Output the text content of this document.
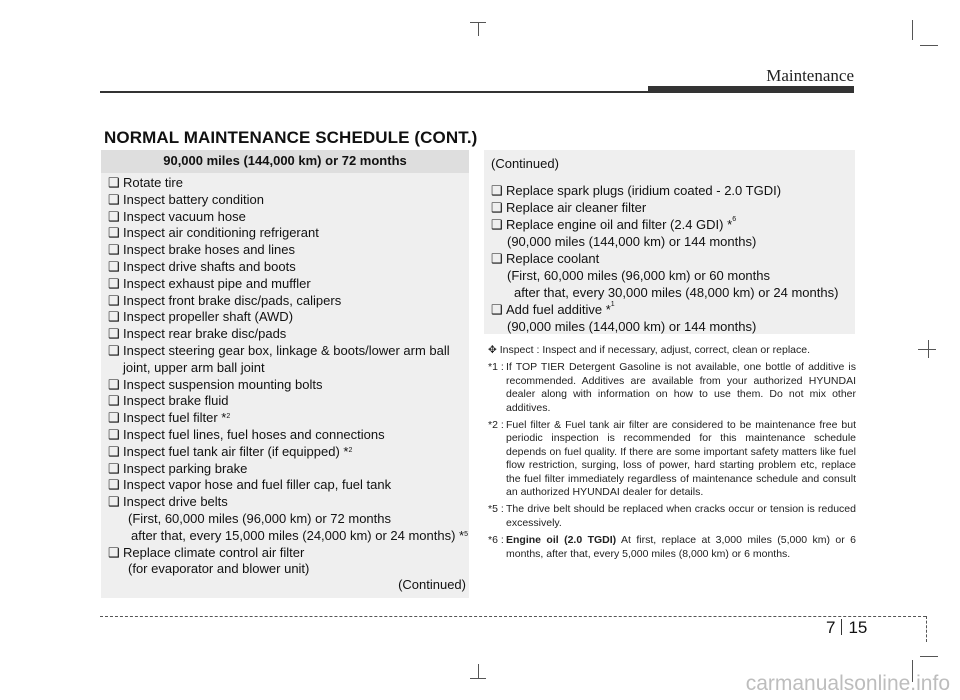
Maintenance
NORMAL MAINTENANCE SCHEDULE (CONT.)
90,000 miles (144,000 km) or 72 months
❑ Rotate tire
❑ Inspect battery condition
❑ Inspect vacuum hose
❑ Inspect air conditioning refrigerant
❑ Inspect brake hoses and lines
❑ Inspect drive shafts and boots
❑ Inspect exhaust pipe and muffler
❑ Inspect front brake disc/pads, calipers
❑ Inspect propeller shaft (AWD)
❑ Inspect rear brake disc/pads
❑ Inspect steering gear box, linkage & boots/lower arm ball
joint, upper arm ball joint
❑ Inspect suspension mounting bolts
❑ Inspect brake fluid
❑ Inspect fuel filter *$^2$
❑ Inspect fuel lines, fuel hoses and connections
❑ Inspect fuel tank air filter (if equipped) *$^2$
❑ Inspect parking brake
❑ Inspect vapor hose and fuel filler cap, fuel tank
❑ Inspect drive belts
(First, 60,000 miles (96,000 km) or 72 months
after that, every 15,000 miles (24,000 km) or 24 months) *$^5$
❑ Replace climate control air filter
(for evaporator and blower unit)
(Continued)
(Continued)
❑ Replace spark plugs (iridium coated - 2.0 TGDI)
❑ Replace air cleaner filter
❑ Replace engine oil and filter (2.4 GDI) *$^6$
(90,000 miles (144,000 km) or 144 months)
❑ Replace coolant
(First, 60,000 miles (96,000 km) or 60 months
after that, every 30,000 miles (48,000 km) or 24 months)
❑ Add fuel additive *$^1$
(90,000 miles (144,000 km) or 144 months)
✥ Inspect : Inspect and if necessary, adjust, correct, clean or replace.
*1 : If TOP TIER Detergent Gasoline is not available, one bottle of additive is recommended. Additives are available from your authorized HYUNDAI dealer along with information on how to use them. Do not mix other additives.
*2 : Fuel filter & Fuel tank air filter are considered to be maintenance free but periodic inspection is recommended for this maintenance schedule depends on fuel quality. If there are some important safety matters like fuel flow restriction, surging, loss of power, hard starting problem etc, replace the fuel filter immediately regardless of maintenance schedule and consult an authorized HYUNDAI dealer for details.
*5 : The drive belt should be replaced when cracks occur or tension is reduced excessively.
*6 : Engine oil (2.0 TGDI) At first, replace at 3,000 miles (5,000 km) or 6 months, after that, every 5,000 miles (8,000 km) or 6 months.
7 15
carmanualsonline.info
